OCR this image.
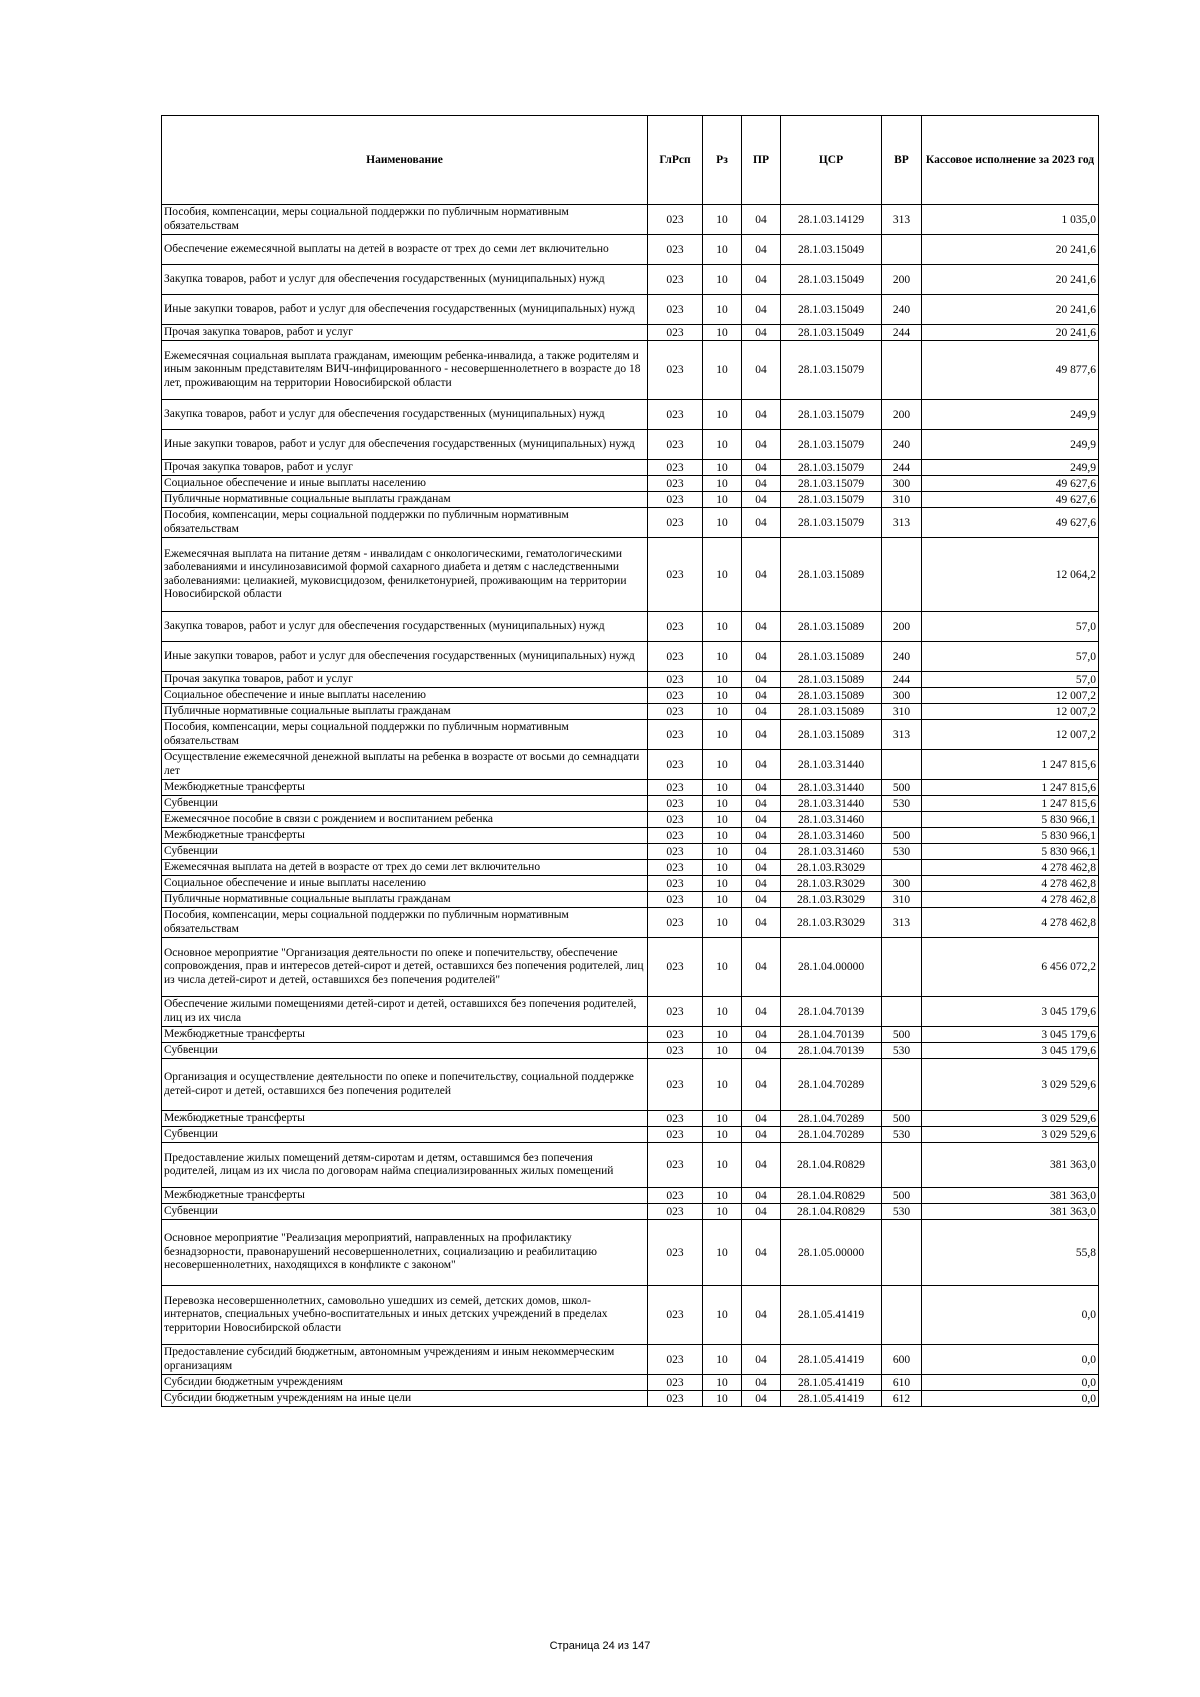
Наименование	ГлРсп	Рз	ПР	ЦСР	ВР	Кассовое исполнение за 2023 год
Пособия, компенсации, меры социальной поддержки по публичным нормативным обязательствам	023	10	04	28.1.03.14129	313	1 035,0
Обеспечение ежемесячной выплаты на детей в возрасте от трех до семи лет включительно	023	10	04	28.1.03.15049		20 241,6
Закупка товаров, работ и услуг для обеспечения государственных (муниципальных) нужд	023	10	04	28.1.03.15049	200	20 241,6
Иные закупки товаров, работ и услуг для обеспечения государственных (муниципальных) нужд	023	10	04	28.1.03.15049	240	20 241,6
Прочая закупка товаров, работ и услуг	023	10	04	28.1.03.15049	244	20 241,6
Ежемесячная социальная выплата гражданам, имеющим ребенка-инвалида, а также родителям и иным законным представителям ВИЧ-инфицированного - несовершеннолетнего в возрасте до 18 лет, проживающим на территории Новосибирской области	023	10	04	28.1.03.15079		49 877,6
Закупка товаров, работ и услуг для обеспечения государственных (муниципальных) нужд	023	10	04	28.1.03.15079	200	249,9
Иные закупки товаров, работ и услуг для обеспечения государственных (муниципальных) нужд	023	10	04	28.1.03.15079	240	249,9
Прочая закупка товаров, работ и услуг	023	10	04	28.1.03.15079	244	249,9
Социальное обеспечение и иные выплаты населению	023	10	04	28.1.03.15079	300	49 627,6
Публичные нормативные социальные выплаты гражданам	023	10	04	28.1.03.15079	310	49 627,6
Пособия, компенсации, меры социальной поддержки по публичным нормативным обязательствам	023	10	04	28.1.03.15079	313	49 627,6
Ежемесячная выплата на питание детям - инвалидам с онкологическими, гематологическими заболеваниями и инсулинозависимой формой сахарного диабета и детям с наследственными заболеваниями: целиакией, муковисцидозом, фенилкетонурией, проживающим на территории Новосибирской области	023	10	04	28.1.03.15089		12 064,2
Закупка товаров, работ и услуг для обеспечения государственных (муниципальных) нужд	023	10	04	28.1.03.15089	200	57,0
Иные закупки товаров, работ и услуг для обеспечения государственных (муниципальных) нужд	023	10	04	28.1.03.15089	240	57,0
Прочая закупка товаров, работ и услуг	023	10	04	28.1.03.15089	244	57,0
Социальное обеспечение и иные выплаты населению	023	10	04	28.1.03.15089	300	12 007,2
Публичные нормативные социальные выплаты гражданам	023	10	04	28.1.03.15089	310	12 007,2
Пособия, компенсации, меры социальной поддержки по публичным нормативным обязательствам	023	10	04	28.1.03.15089	313	12 007,2
Осуществление ежемесячной денежной выплаты на ребенка в возрасте от восьми до семнадцати лет	023	10	04	28.1.03.31440		1 247 815,6
Межбюджетные трансферты	023	10	04	28.1.03.31440	500	1 247 815,6
Субвенции	023	10	04	28.1.03.31440	530	1 247 815,6
Ежемесячное пособие в связи с рождением и воспитанием ребенка	023	10	04	28.1.03.31460		5 830 966,1
Межбюджетные трансферты	023	10	04	28.1.03.31460	500	5 830 966,1
Субвенции	023	10	04	28.1.03.31460	530	5 830 966,1
Ежемесячная выплата на детей в возрасте от трех до семи лет включительно	023	10	04	28.1.03.R3029		4 278 462,8
Социальное обеспечение и иные выплаты населению	023	10	04	28.1.03.R3029	300	4 278 462,8
Публичные нормативные социальные выплаты гражданам	023	10	04	28.1.03.R3029	310	4 278 462,8
Пособия, компенсации, меры социальной поддержки по публичным нормативным обязательствам	023	10	04	28.1.03.R3029	313	4 278 462,8
Основное мероприятие "Организация деятельности по опеке и попечительству, обеспечение сопровождения, прав и интересов детей-сирот и детей, оставшихся без попечения родителей, лиц из числа детей-сирот и детей, оставшихся без попечения родителей"	023	10	04	28.1.04.00000		6 456 072,2
Обеспечение жилыми помещениями детей-сирот и детей, оставшихся без попечения родителей, лиц из их числа	023	10	04	28.1.04.70139		3 045 179,6
Межбюджетные трансферты	023	10	04	28.1.04.70139	500	3 045 179,6
Субвенции	023	10	04	28.1.04.70139	530	3 045 179,6
Организация и осуществление деятельности по опеке и попечительству, социальной поддержке детей-сирот и детей, оставшихся без попечения родителей	023	10	04	28.1.04.70289		3 029 529,6
Межбюджетные трансферты	023	10	04	28.1.04.70289	500	3 029 529,6
Субвенции	023	10	04	28.1.04.70289	530	3 029 529,6
Предоставление жилых помещений детям-сиротам и детям, оставшимся без попечения родителей, лицам из их числа по договорам найма специализированных жилых помещений	023	10	04	28.1.04.R0829		381 363,0
Межбюджетные трансферты	023	10	04	28.1.04.R0829	500	381 363,0
Субвенции	023	10	04	28.1.04.R0829	530	381 363,0
Основное мероприятие "Реализация мероприятий, направленных на профилактику безнадзорности, правонарушений несовершеннолетних, социализацию и реабилитацию несовершеннолетних, находящихся в конфликте с законом"	023	10	04	28.1.05.00000		55,8
Перевозка несовершеннолетних, самовольно ушедших из семей, детских домов, школ-интернатов, специальных учебно-воспитательных и иных детских учреждений в пределах территории Новосибирской области	023	10	04	28.1.05.41419		0,0
Предоставление субсидий бюджетным, автономным учреждениям и иным некоммерческим организациям	023	10	04	28.1.05.41419	600	0,0
Субсидии бюджетным учреждениям	023	10	04	28.1.05.41419	610	0,0
Субсидии бюджетным учреждениям на иные цели	023	10	04	28.1.05.41419	612	0,0
Страница 24 из 147
